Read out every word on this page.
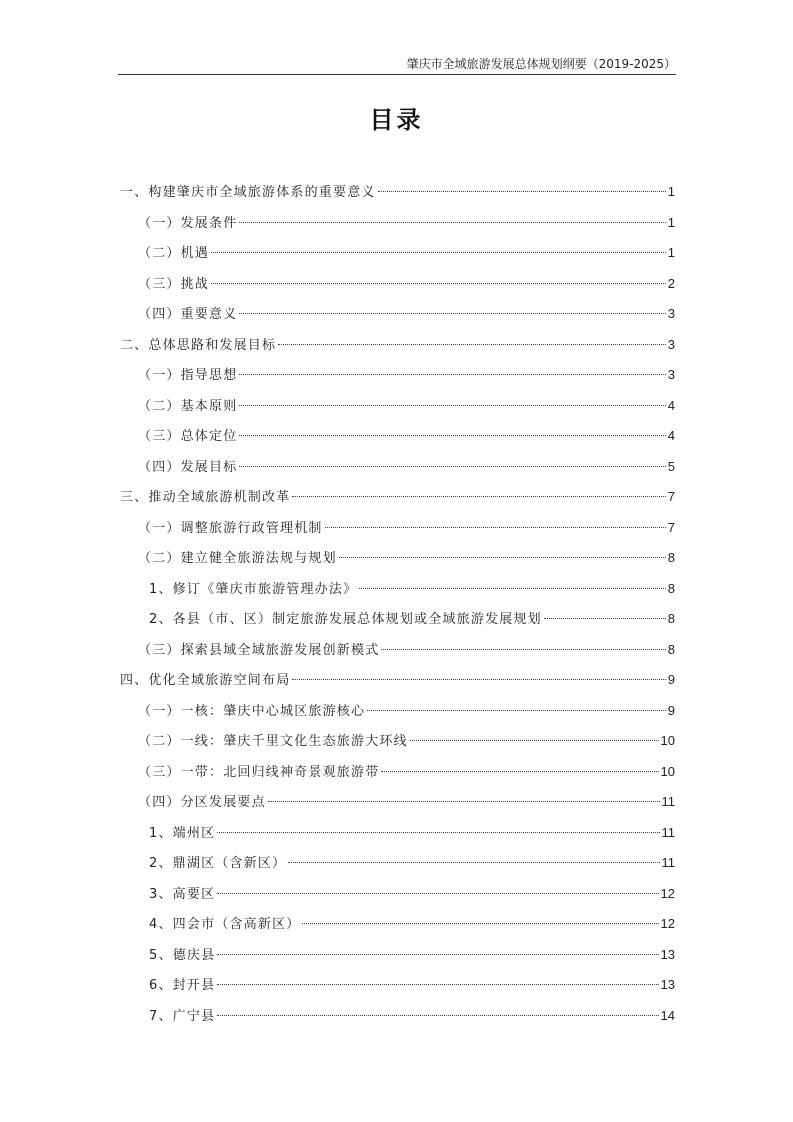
肇庆市全域旅游发展总体规划纲要（2019-2025）
目录
一、构建肇庆市全域旅游体系的重要意义	1
（一）发展条件	1
（二）机遇	1
（三）挑战	2
（四）重要意义	3
二、总体思路和发展目标	3
（一）指导思想	3
（二）基本原则	4
（三）总体定位	4
（四）发展目标	5
三、推动全域旅游机制改革	7
（一）调整旅游行政管理机制	7
（二）建立健全旅游法规与规划	8
1、修订《肇庆市旅游管理办法》	8
2、各县（市、区）制定旅游发展总体规划或全域旅游发展规划	8
（三）探索县域全域旅游发展创新模式	8
四、优化全域旅游空间布局	9
（一）一核：肇庆中心城区旅游核心	9
（二）一线：肇庆千里文化生态旅游大环线	10
（三）一带：北回归线神奇景观旅游带	10
（四）分区发展要点	11
1、端州区	11
2、鼎湖区（含新区）	11
3、高要区	12
4、四会市（含高新区）	12
5、德庆县	13
6、封开县	13
7、广宁县	14
